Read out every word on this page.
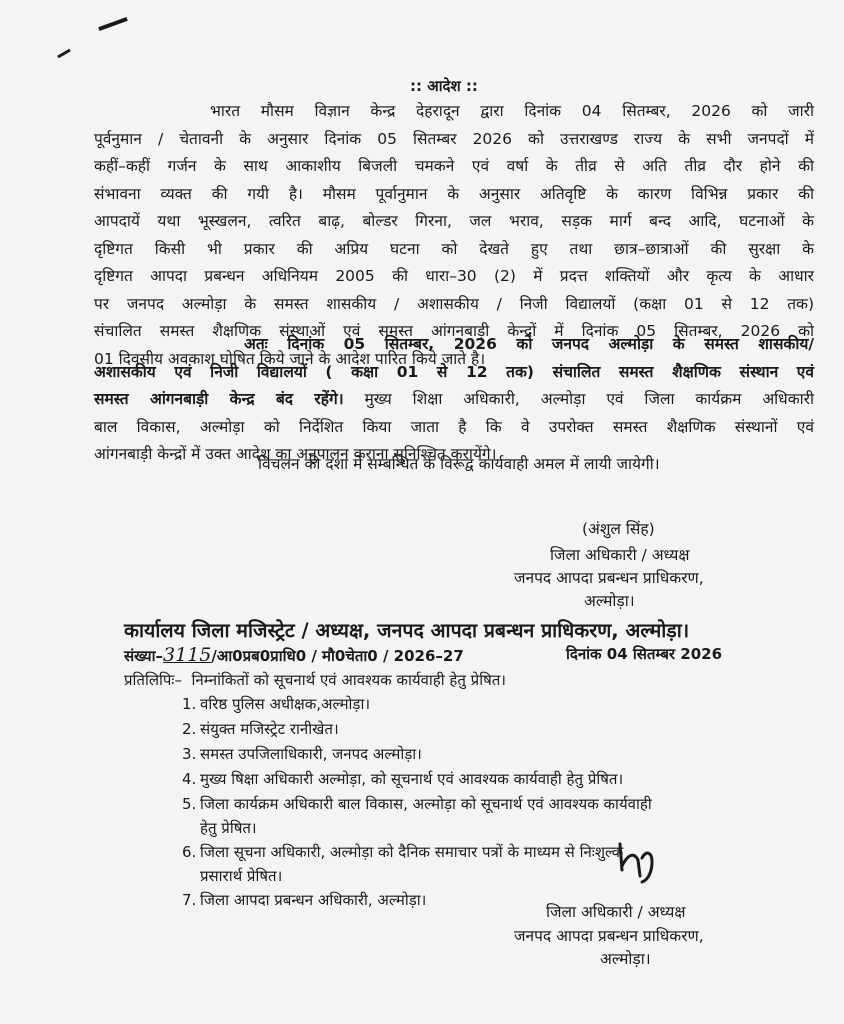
:: आदेश ::
भारत मौसम विज्ञान केन्द्र देहरादून द्वारा दिनांक 04 सितम्बर, 2026 को जारी
पूर्वनुमान / चेतावनी के अनुसार दिनांक 05 सितम्बर 2026 को उत्तराखण्ड राज्य के सभी जनपदों में
कहीं–कहीं गर्जन के साथ आकाशीय बिजली चमकने एवं वर्षा के तीव्र से अति तीव्र दौर होने की
संभावना व्यक्त की गयी है। मौसम पूर्वानुमान के अनुसार अतिवृष्टि के कारण विभिन्न प्रकार की
आपदायें यथा भूस्खलन, त्वरित बाढ़, बोल्डर गिरना, जल भराव, सड़क मार्ग बन्द आदि, घटनाओं के
दृष्टिगत किसी भी प्रकार की अप्रिय घटना को देखते हुए तथा छात्र–छात्राओं की सुरक्षा के
दृष्टिगत आपदा प्रबन्धन अधिनियम 2005 की धारा–30 (2) में प्रदत्त शक्तियों और कृत्य के आधार
पर जनपद अल्मोड़ा के समस्त शासकीय / अशासकीय / निजी विद्यालयों (कक्षा 01 से 12 तक)
संचालित समस्त शैक्षणिक संस्थाओं एवं समस्त आंगनबाड़ी केन्द्रों में दिनांक 05 सितम्बर, 2026 को
01 दिवसीय अवकाश घोषित किये जाने के आदेश पारित किये जाते है।
अतः दिनांक 05 सितम्बर, 2026 को जनपद अल्मोड़ा के समस्त शासकीय/
अशासकीय एवं निजी विद्यालयों ( कक्षा 01 से 12 तक) संचालित समस्त शैक्षणिक संस्थान एवं
समस्त आंगनबाड़ी केन्द्र बंद रहेंगे। मुख्य शिक्षा अधिकारी, अल्मोड़ा एवं जिला कार्यक्रम अधिकारी
बाल विकास, अल्मोड़ा को निर्देशित किया जाता है कि वे उपरोक्त समस्त शैक्षणिक संस्थानों एवं
आंगनबाड़ी केन्द्रों में उक्त आदेश का अनुपालन कराना सुनिश्चित करायेंगे।
विचलन की दशा में सम्बन्धित के विरूद्व कार्यवाही अमल में लायी जायेगी।
(अंशुल सिंह)
जिला अधिकारी / अध्यक्ष
जनपद आपदा प्रबन्धन प्राधिकरण,
अल्मोड़ा।
कार्यालय जिला मजिस्ट्रेट / अध्यक्ष, जनपद आपदा प्रबन्धन प्राधिकरण, अल्मोड़ा।
संख्या–3115/आ0प्रब0प्राधि0 / मौ0चेता0 / 2026–27	दिनांक 04 सितम्बर 2026
प्रतिलिपिः– निम्नांकितों को सूचनार्थ एवं आवश्यक कार्यवाही हेतु प्रेषित।
1. वरिष्ठ पुलिस अधीक्षक,अल्मोड़ा।
2. संयुक्त मजिस्ट्रेट रानीखेत।
3. समस्त उपजिलाधिकारी, जनपद अल्मोड़ा।
4. मुख्य षिक्षा अधिकारी अल्मोड़ा, को सूचनार्थ एवं आवश्यक कार्यवाही हेतु प्रेषित।
5. जिला कार्यक्रम अधिकारी बाल विकास, अल्मोड़ा को सूचनार्थ एवं आवश्यक कार्यवाही
हेतु प्रेषित।
6. जिला सूचना अधिकारी, अल्मोड़ा को दैनिक समाचार पत्रों के माध्यम से निःशुल्क
प्रसारार्थ प्रेषित।
7. जिला आपदा प्रबन्धन अधिकारी, अल्मोड़ा।
जिला अधिकारी / अध्यक्ष
जनपद आपदा प्रबन्धन प्राधिकरण,
अल्मोड़ा।
